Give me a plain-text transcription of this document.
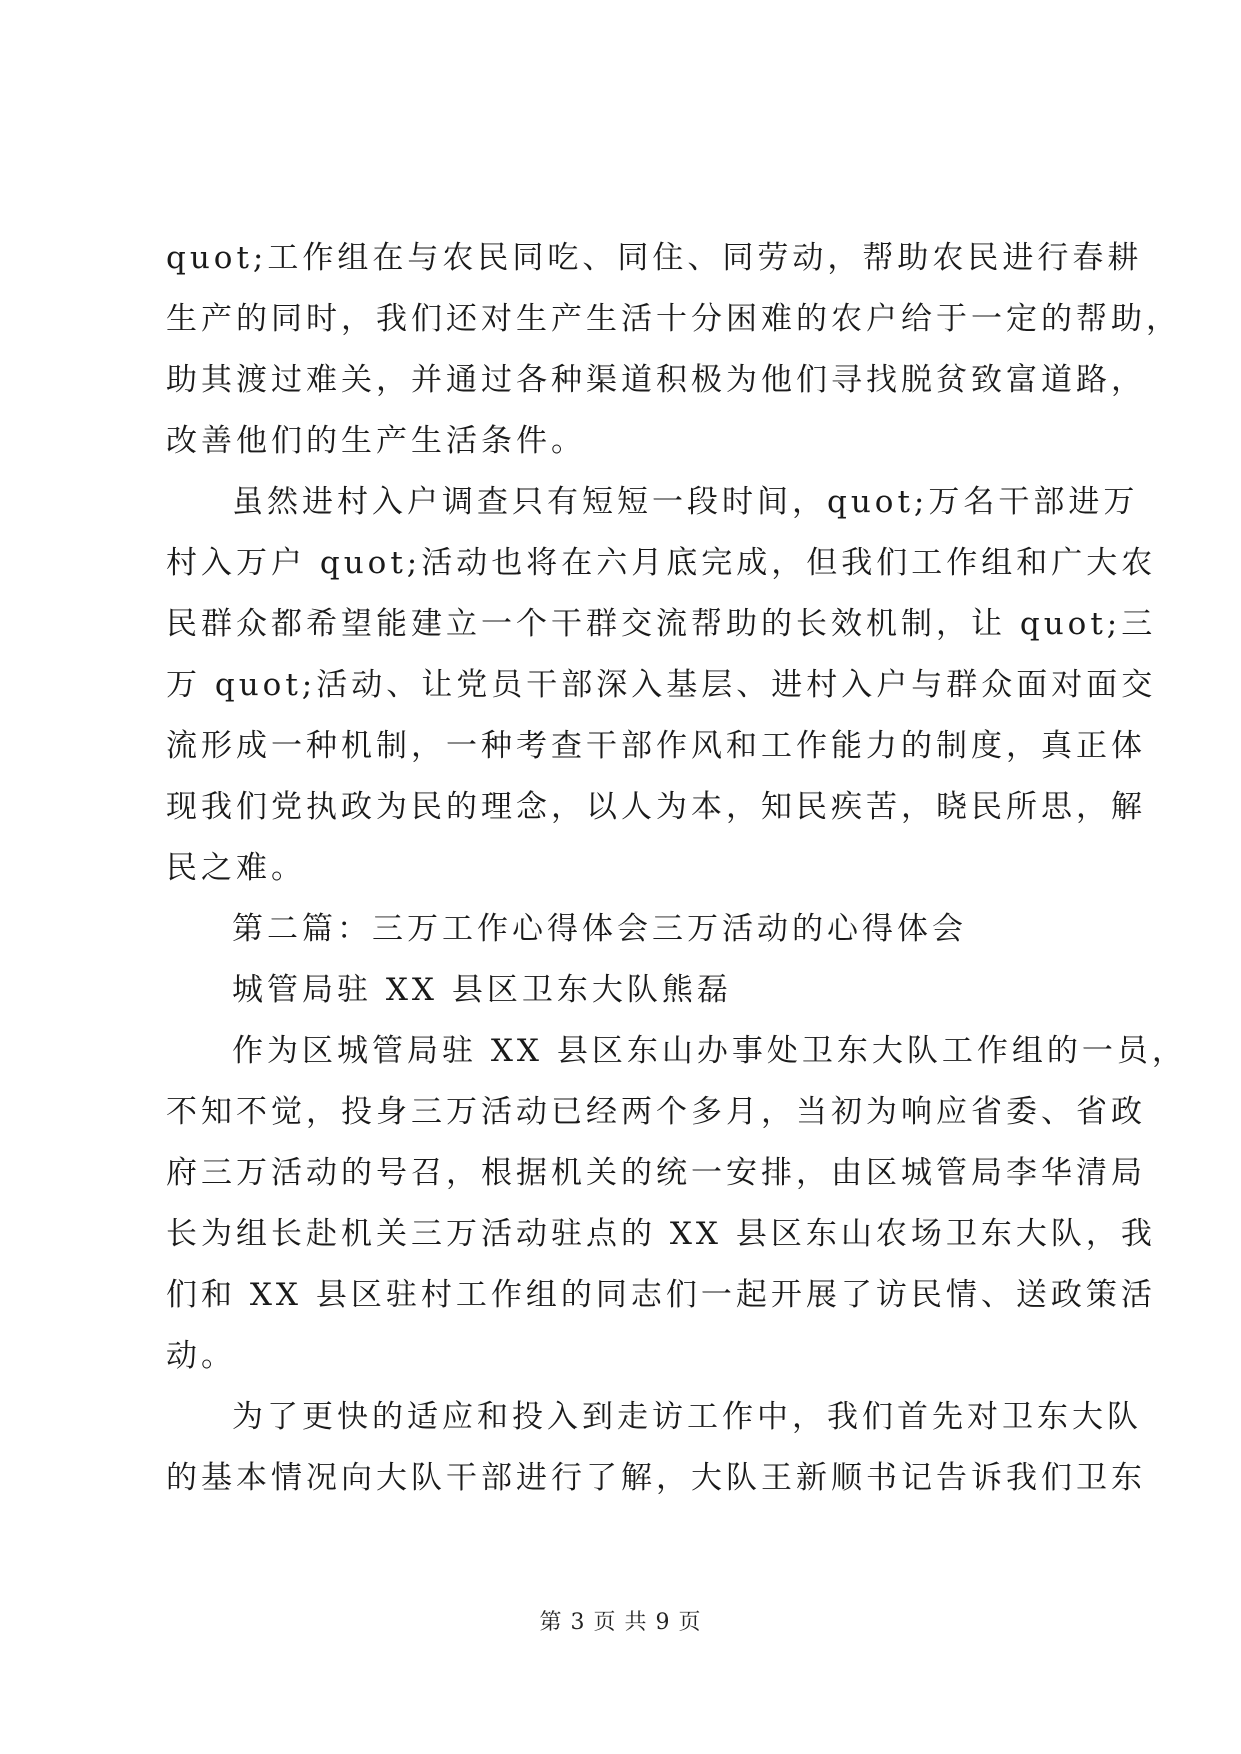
quot;工作组在与农民同吃、同住、同劳动，帮助农民进行春耕
生产的同时，我们还对生产生活十分困难的农户给于一定的帮助，
助其渡过难关，并通过各种渠道积极为他们寻找脱贫致富道路，
改善他们的生产生活条件。
虽然进村入户调查只有短短一段时间，quot;万名干部进万
村入万户 quot;活动也将在六月底完成，但我们工作组和广大农
民群众都希望能建立一个干群交流帮助的长效机制，让 quot;三
万 quot;活动、让党员干部深入基层、进村入户与群众面对面交
流形成一种机制，一种考查干部作风和工作能力的制度，真正体
现我们党执政为民的理念，以人为本，知民疾苦，晓民所思，解
民之难。
第二篇：三万工作心得体会三万活动的心得体会
城管局驻 XX 县区卫东大队熊磊
作为区城管局驻 XX 县区东山办事处卫东大队工作组的一员，
不知不觉，投身三万活动已经两个多月，当初为响应省委、省政
府三万活动的号召，根据机关的统一安排，由区城管局李华清局
长为组长赴机关三万活动驻点的 XX 县区东山农场卫东大队，我
们和 XX 县区驻村工作组的同志们一起开展了访民情、送政策活
动。
为了更快的适应和投入到走访工作中，我们首先对卫东大队
的基本情况向大队干部进行了解，大队王新顺书记告诉我们卫东
第 3 页 共 9 页
